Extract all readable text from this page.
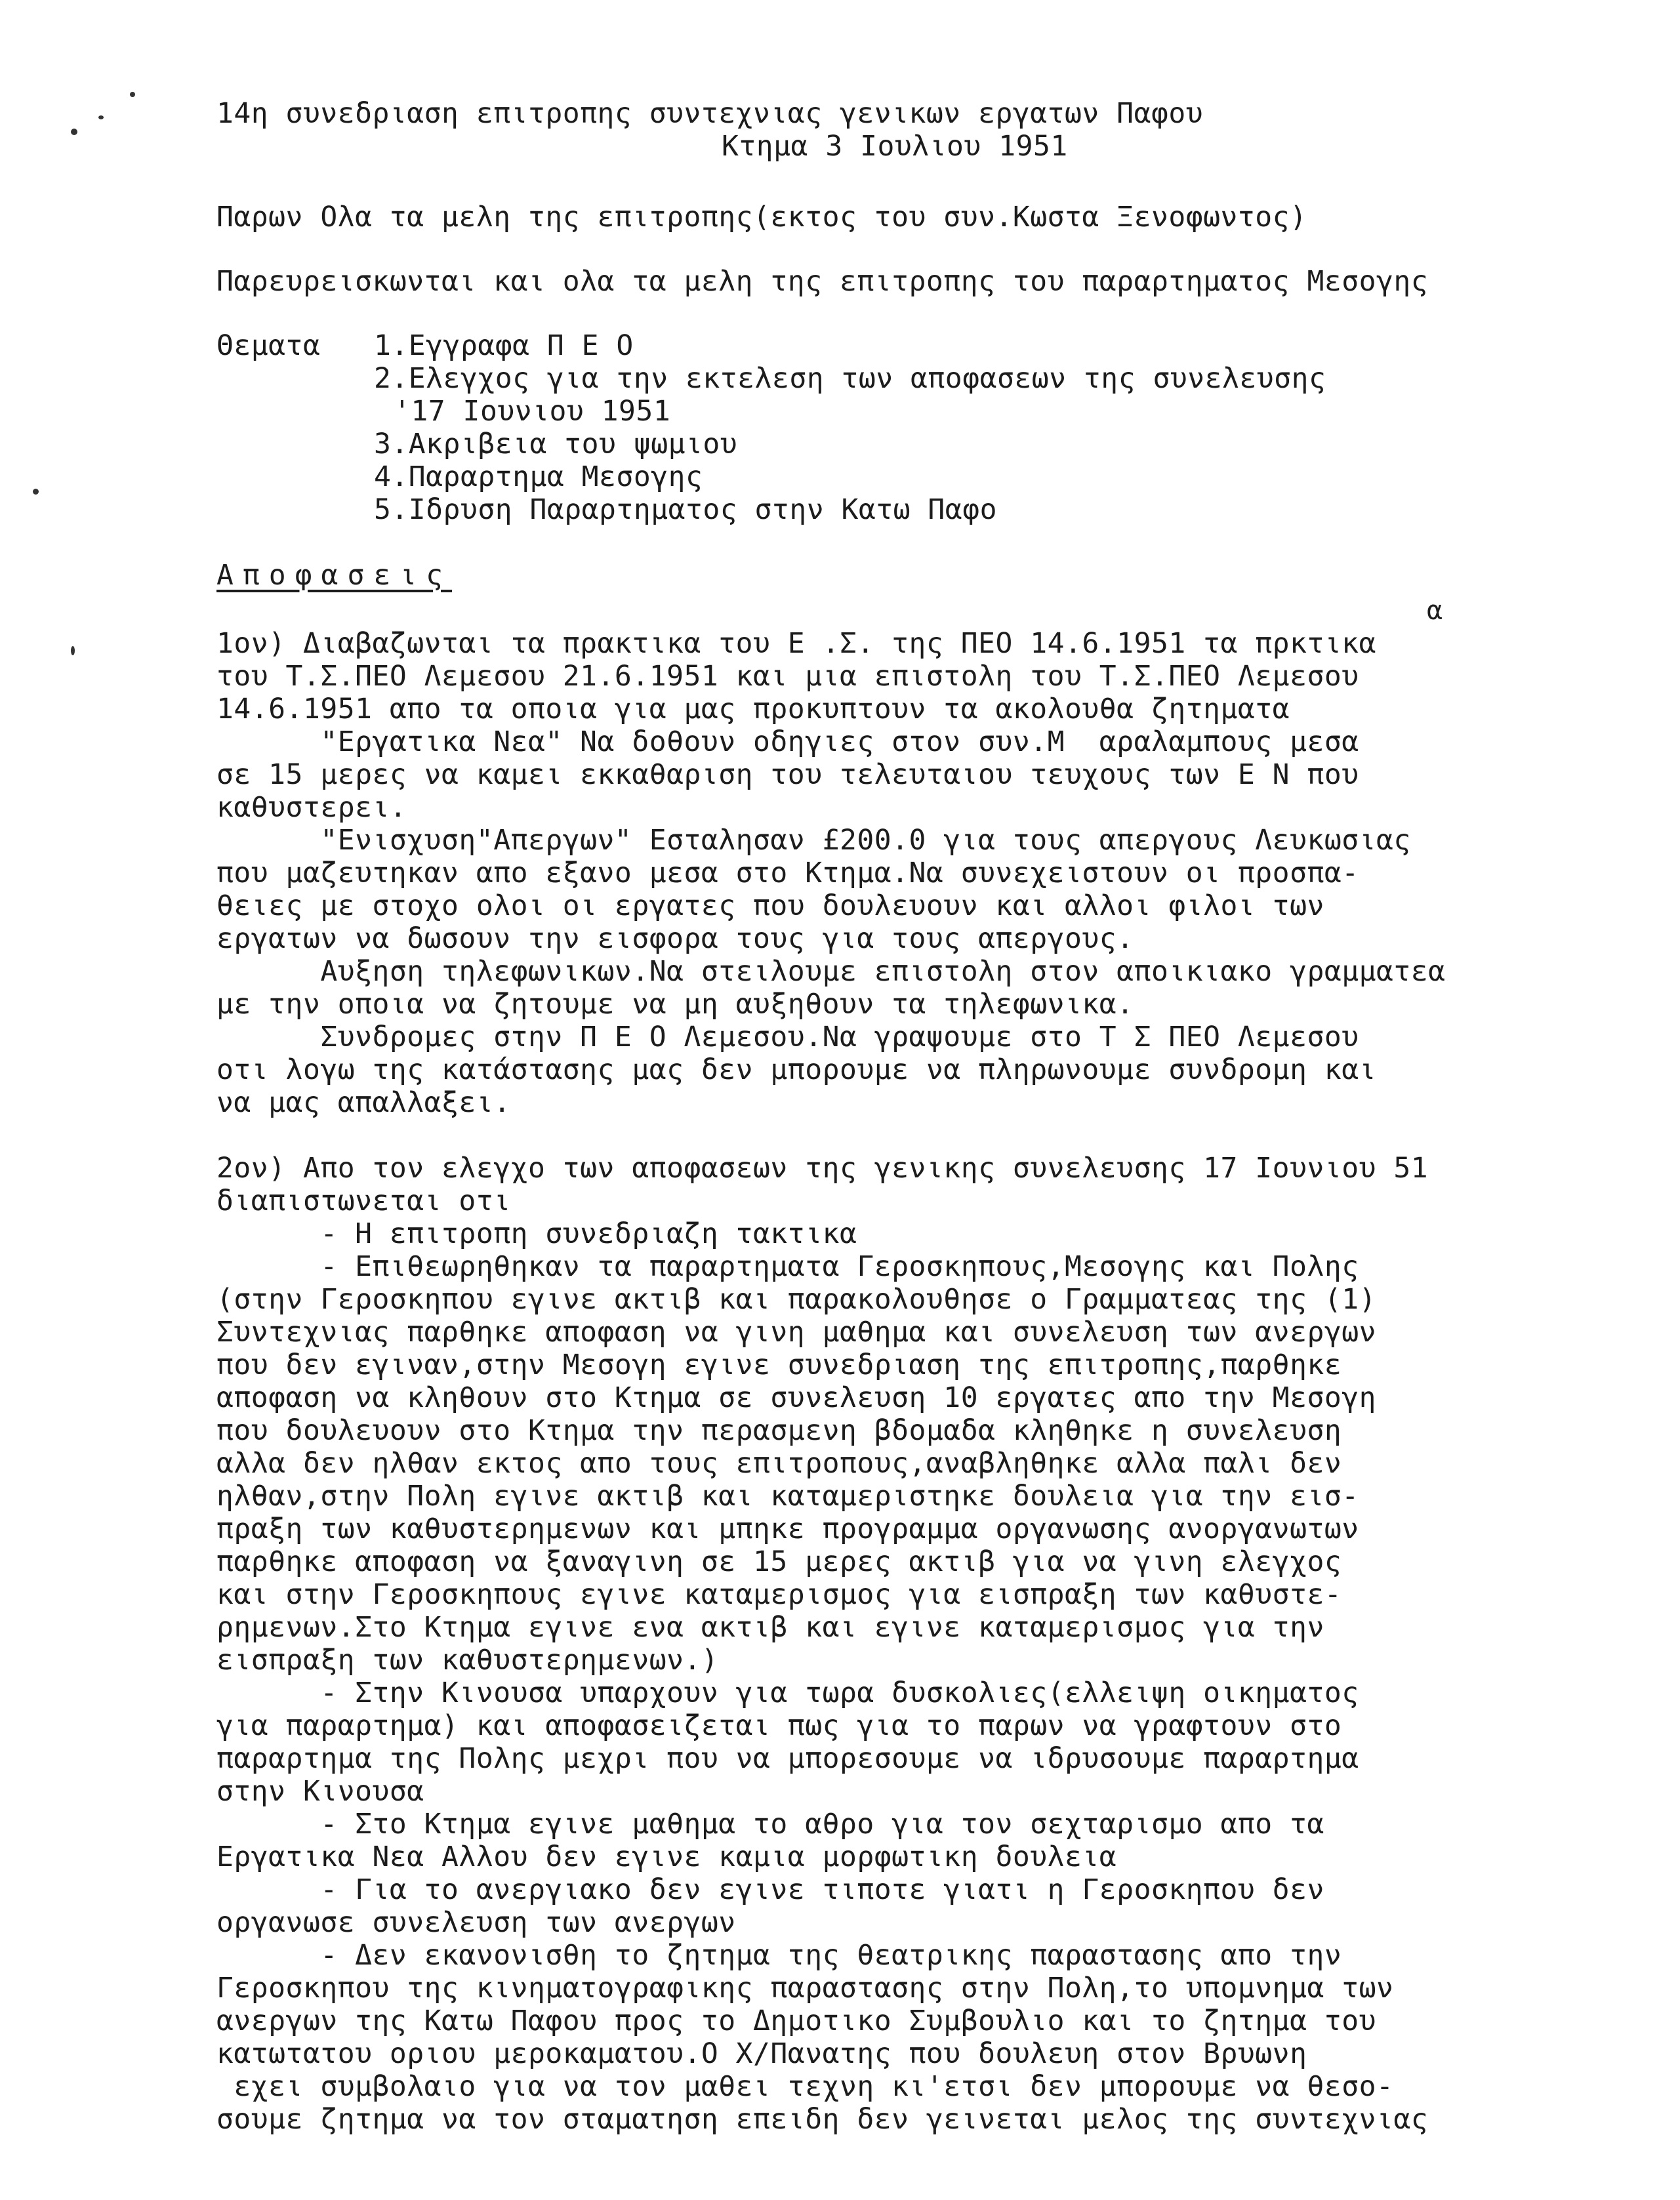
14η συνεδριαση επιτροπης συντεχνιας γενικων εργατων Παφου
Κτημα 3 Ιουλιου 1951
Παρων Ολα τα μελη της επιτροπης(εκτος του συν.Κωστα Ξενοφωντος)
Παρευρεισκωνται και ολα τα μελη της επιτροπης του παραρτηματος Μεσογης
Θεματα 1.Εγγραφα Π Ε Ο
2.Ελεγχος για την εκτελεση των αποφασεων της συνελευσης
'17 Ιουνιου 1951
3.Ακριβεια του ψωμιου
4.Παραρτημα Μεσογης
5.Ιδρυση Παραρτηματος στην Κατω Παφο
Αποφασεις
α
1ον) Διαβαζωνται τα πρακτικα του Ε .Σ. της ΠΕΟ 14.6.1951 τα πρκτικα
του Τ.Σ.ΠΕΟ Λεμεσου 21.6.1951 και μια επιστολη του Τ.Σ.ΠΕΟ Λεμεσου
14.6.1951 απο τα οποια για μας προκυπτουν τα ακολουθα ζητηματα
"Εργατικα Νεα" Να δοθουν οδηγιες στον συν.Μ  αραλαμπους μεσα
σε 15 μερες να καμει εκκαθαριση του τελευταιου τευχους των Ε Ν που
καθυστερει.
"Ενισχυση"Απεργων" Εσταλησαν £200.0 για τους απεργους Λευκωσιας
που μαζευτηκαν απο εξανο μεσα στο Κτημα.Να συνεχειστουν οι προσπα-
θειες με στοχο ολοι οι εργατες που δουλευουν και αλλοι φιλοι των
εργατων να δωσουν την εισφορα τους για τους απεργους.
Αυξηση τηλεφωνικων.Να στειλουμε επιστολη στον αποικιακο γραμματεα
με την οποια να ζητουμε να μη αυξηθουν τα τηλεφωνικα.
Συνδρομες στην Π Ε Ο Λεμεσου.Να γραψουμε στο Τ Σ ΠΕΟ Λεμεσου
οτι λογω της κατάστασης μας δεν μπορουμε να πληρωνουμε συνδρομη και
να μας απαλλαξει.
2ον) Απο τον ελεγχο των αποφασεων της γενικης συνελευσης 17 Ιουνιου 51
διαπιστωνεται οτι
- Η επιτροπη συνεδριαζη τακτικα
- Επιθεωρηθηκαν τα παραρτηματα Γεροσκηπους,Μεσογης και Πολης
(στην Γεροσκηπου εγινε ακτιβ και παρακολουθησε ο Γραμματεας της (1)
Συντεχνιας παρθηκε αποφαση να γινη μαθημα και συνελευση των ανεργων
που δεν εγιναν,στην Μεσογη εγινε συνεδριαση της επιτροπης,παρθηκε
αποφαση να κληθουν στο Κτημα σε συνελευση 10 εργατες απο την Μεσογη
που δουλευουν στο Κτημα την περασμενη βδομαδα κληθηκε η συνελευση
αλλα δεν ηλθαν εκτος απο τους επιτροπους,αναβληθηκε αλλα παλι δεν
ηλθαν,στην Πολη εγινε ακτιβ και καταμεριστηκε δουλεια για την εισ-
πραξη των καθυστερημενων και μπηκε προγραμμα οργανωσης ανοργανωτων
παρθηκε αποφαση να ξαναγινη σε 15 μερες ακτιβ για να γινη ελεγχος
και στην Γεροσκηπους εγινε καταμερισμος για εισπραξη των καθυστε-
ρημενων.Στο Κτημα εγινε ενα ακτιβ και εγινε καταμερισμος για την
εισπραξη των καθυστερημενων.)
- Στην Κινουσα υπαρχουν για τωρα δυσκολιες(ελλειψη οικηματος
για παραρτημα) και αποφασειζεται πως για το παρων να γραφτουν στο
παραρτημα της Πολης μεχρι που να μπορεσουμε να ιδρυσουμε παραρτημα
στην Κινουσα
- Στο Κτημα εγινε μαθημα το αθρο για τον σεχταρισμο απο τα
Εργατικα Νεα Αλλου δεν εγινε καμια μορφωτικη δουλεια
- Για το ανεργιακο δεν εγινε τιποτε γιατι η Γεροσκηπου δεν
οργανωσε συνελευση των ανεργων
- Δεν εκανονισθη το ζητημα της θεατρικης παραστασης απο την
Γεροσκηπου της κινηματογραφικης παραστασης στην Πολη,το υπομνημα των
ανεργων της Κατω Παφου προς το Δημοτικο Συμβουλιο και το ζητημα του
κατωτατου οριου μεροκαματου.Ο Χ/Πανατης που δουλευη στον Βρυωνη
εχει συμβολαιο για να τον μαθει τεχνη κι'ετσι δεν μπορουμε να θεσο-
σουμε ζητημα να τον σταματηση επειδη δεν γεινεται μελος της συντεχνιας
